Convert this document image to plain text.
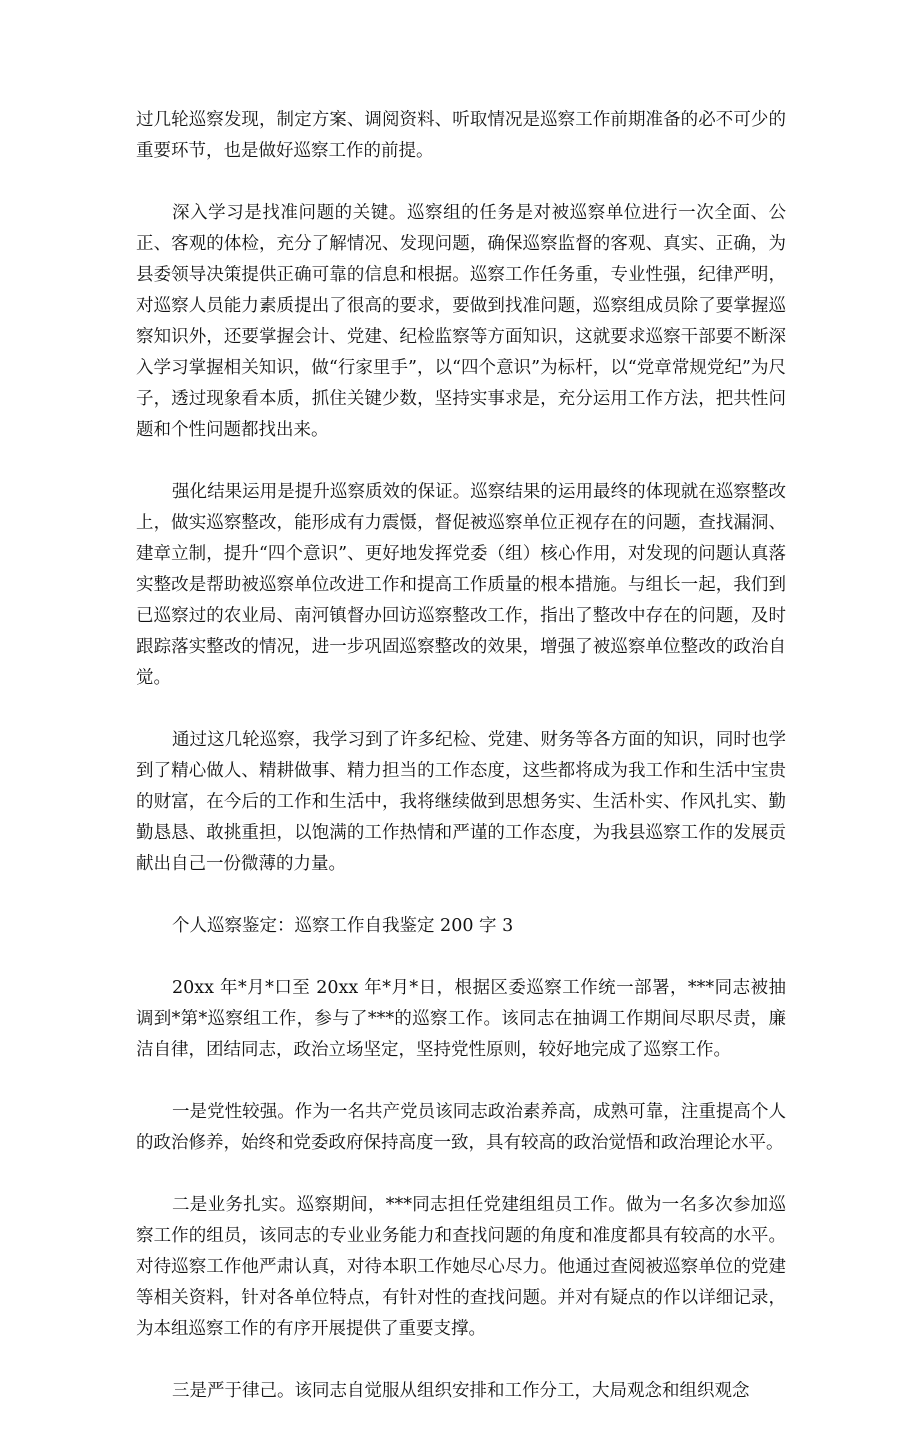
过几轮巡察发现，制定方案、调阅资料、听取情况是巡察工作前期准备的必不可少的重要环节，也是做好巡察工作的前提。

深入学习是找准问题的关键。巡察组的任务是对被巡察单位进行一次全面、公正、客观的体检，充分了解情况、发现问题，确保巡察监督的客观、真实、正确，为县委领导决策提供正确可靠的信息和根据。巡察工作任务重，专业性强，纪律严明，对巡察人员能力素质提出了很高的要求，要做到找准问题，巡察组成员除了要掌握巡察知识外，还要掌握会计、党建、纪检监察等方面知识，这就要求巡察干部要不断深入学习掌握相关知识，做“行家里手”，以“四个意识”为标杆，以“党章常规党纪”为尺子，透过现象看本质，抓住关键少数，坚持实事求是，充分运用工作方法，把共性问题和个性问题都找出来。

强化结果运用是提升巡察质效的保证。巡察结果的运用最终的体现就在巡察整改上，做实巡察整改，能形成有力震慑，督促被巡察单位正视存在的问题，查找漏洞、建章立制，提升“四个意识”、更好地发挥党委（组）核心作用，对发现的问题认真落实整改是帮助被巡察单位改进工作和提高工作质量的根本措施。与组长一起，我们到已巡察过的农业局、南河镇督办回访巡察整改工作，指出了整改中存在的问题，及时跟踪落实整改的情况，进一步巩固巡察整改的效果，增强了被巡察单位整改的政治自觉。

通过这几轮巡察，我学习到了许多纪检、党建、财务等各方面的知识，同时也学到了精心做人、精耕做事、精力担当的工作态度，这些都将成为我工作和生活中宝贵的财富，在今后的工作和生活中，我将继续做到思想务实、生活朴实、作风扎实、勤勤恳恳、敢挑重担，以饱满的工作热情和严谨的工作态度，为我县巡察工作的发展贡献出自己一份微薄的力量。

个人巡察鉴定：巡察工作自我鉴定 200 字 3

20xx 年*月*口至 20xx 年*月*日，根据区委巡察工作统一部署，***同志被抽调到*第*巡察组工作，参与了***的巡察工作。该同志在抽调工作期间尽职尽责，廉洁自律，团结同志，政治立场坚定，坚持党性原则，较好地完成了巡察工作。

一是党性较强。作为一名共产党员该同志政治素养高，成熟可靠，注重提高个人的政治修养，始终和党委政府保持高度一致，具有较高的政治觉悟和政治理论水平。

二是业务扎实。巡察期间，***同志担任党建组组员工作。做为一名多次参加巡察工作的组员，该同志的专业业务能力和查找问题的角度和准度都具有较高的水平。对待巡察工作他严肃认真，对待本职工作她尽心尽力。他通过查阅被巡察单位的党建等相关资料，针对各单位特点，有针对性的查找问题。并对有疑点的作以详细记录，为本组巡察工作的有序开展提供了重要支撑。

三是严于律己。该同志自觉服从组织安排和工作分工，大局观念和组织观念
